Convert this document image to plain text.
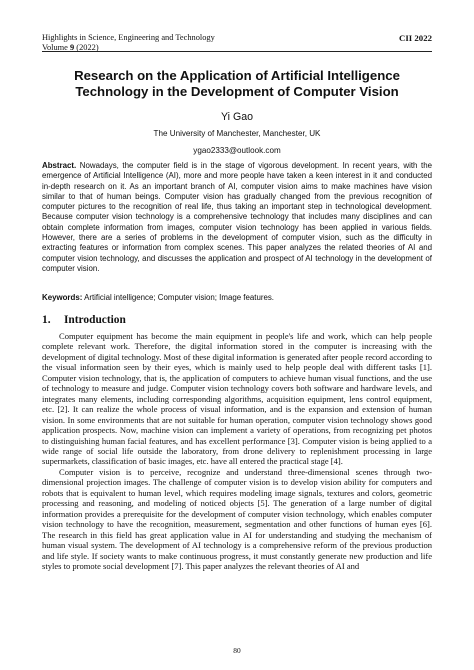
Highlights in Science, Engineering and Technology	CII 2022
Volume 9 (2022)
Research on the Application of Artificial Intelligence Technology in the Development of Computer Vision
Yi Gao
The University of Manchester, Manchester, UK
ygao2333@outlook.com
Abstract. Nowadays, the computer field is in the stage of vigorous development. In recent years, with the emergence of Artificial Intelligence (AI), more and more people have taken a keen interest in it and conducted in-depth research on it. As an important branch of AI, computer vision aims to make machines have vision similar to that of human beings. Computer vision has gradually changed from the previous recognition of computer pictures to the recognition of real life, thus taking an important step in technological development. Because computer vision technology is a comprehensive technology that includes many disciplines and can obtain complete information from images, computer vision technology has been applied in various fields. However, there are a series of problems in the development of computer vision, such as the difficulty in extracting features or information from complex scenes. This paper analyzes the related theories of AI and computer vision technology, and discusses the application and prospect of AI technology in the development of computer vision.
Keywords: Artificial intelligence; Computer vision; Image features.
1. Introduction

Computer equipment has become the main equipment in people's life and work, which can help people complete relevant work. Therefore, the digital information stored in the computer is increasing with the development of digital technology. Most of these digital information is generated after people record according to the visual information seen by their eyes, which is mainly used to help people deal with different tasks [1]. Computer vision technology, that is, the application of computers to achieve human visual functions, and the use of technology to measure and judge. Computer vision technology covers both software and hardware levels, and integrates many elements, including corresponding algorithms, acquisition equipment, lens control equipment, etc. [2]. It can realize the whole process of visual information, and is the expansion and extension of human vision. In some environments that are not suitable for human operation, computer vision technology shows good application prospects. Now, machine vision can implement a variety of operations, from recognizing pet photos to distinguishing human facial features, and has excellent performance [3]. Computer vision is being applied to a wide range of social life outside the laboratory, from drone delivery to replenishment processing in large supermarkets, classification of basic images, etc. have all entered the practical stage [4].

Computer vision is to perceive, recognize and understand three-dimensional scenes through two-dimensional projection images. The challenge of computer vision is to develop vision ability for computers and robots that is equivalent to human level, which requires modeling image signals, textures and colors, geometric processing and reasoning, and modeling of noticed objects [5]. The generation of a large number of digital information provides a prerequisite for the development of computer vision technology, which enables computer vision technology to have the recognition, measurement, segmentation and other functions of human eyes [6]. The research in this field has great application value in AI for understanding and studying the mechanism of human visual system. The development of AI technology is a comprehensive reform of the previous production and life style. If society wants to make continuous progress, it must constantly generate new production and life styles to promote social development [7]. This paper analyzes the relevant theories of AI and

80
